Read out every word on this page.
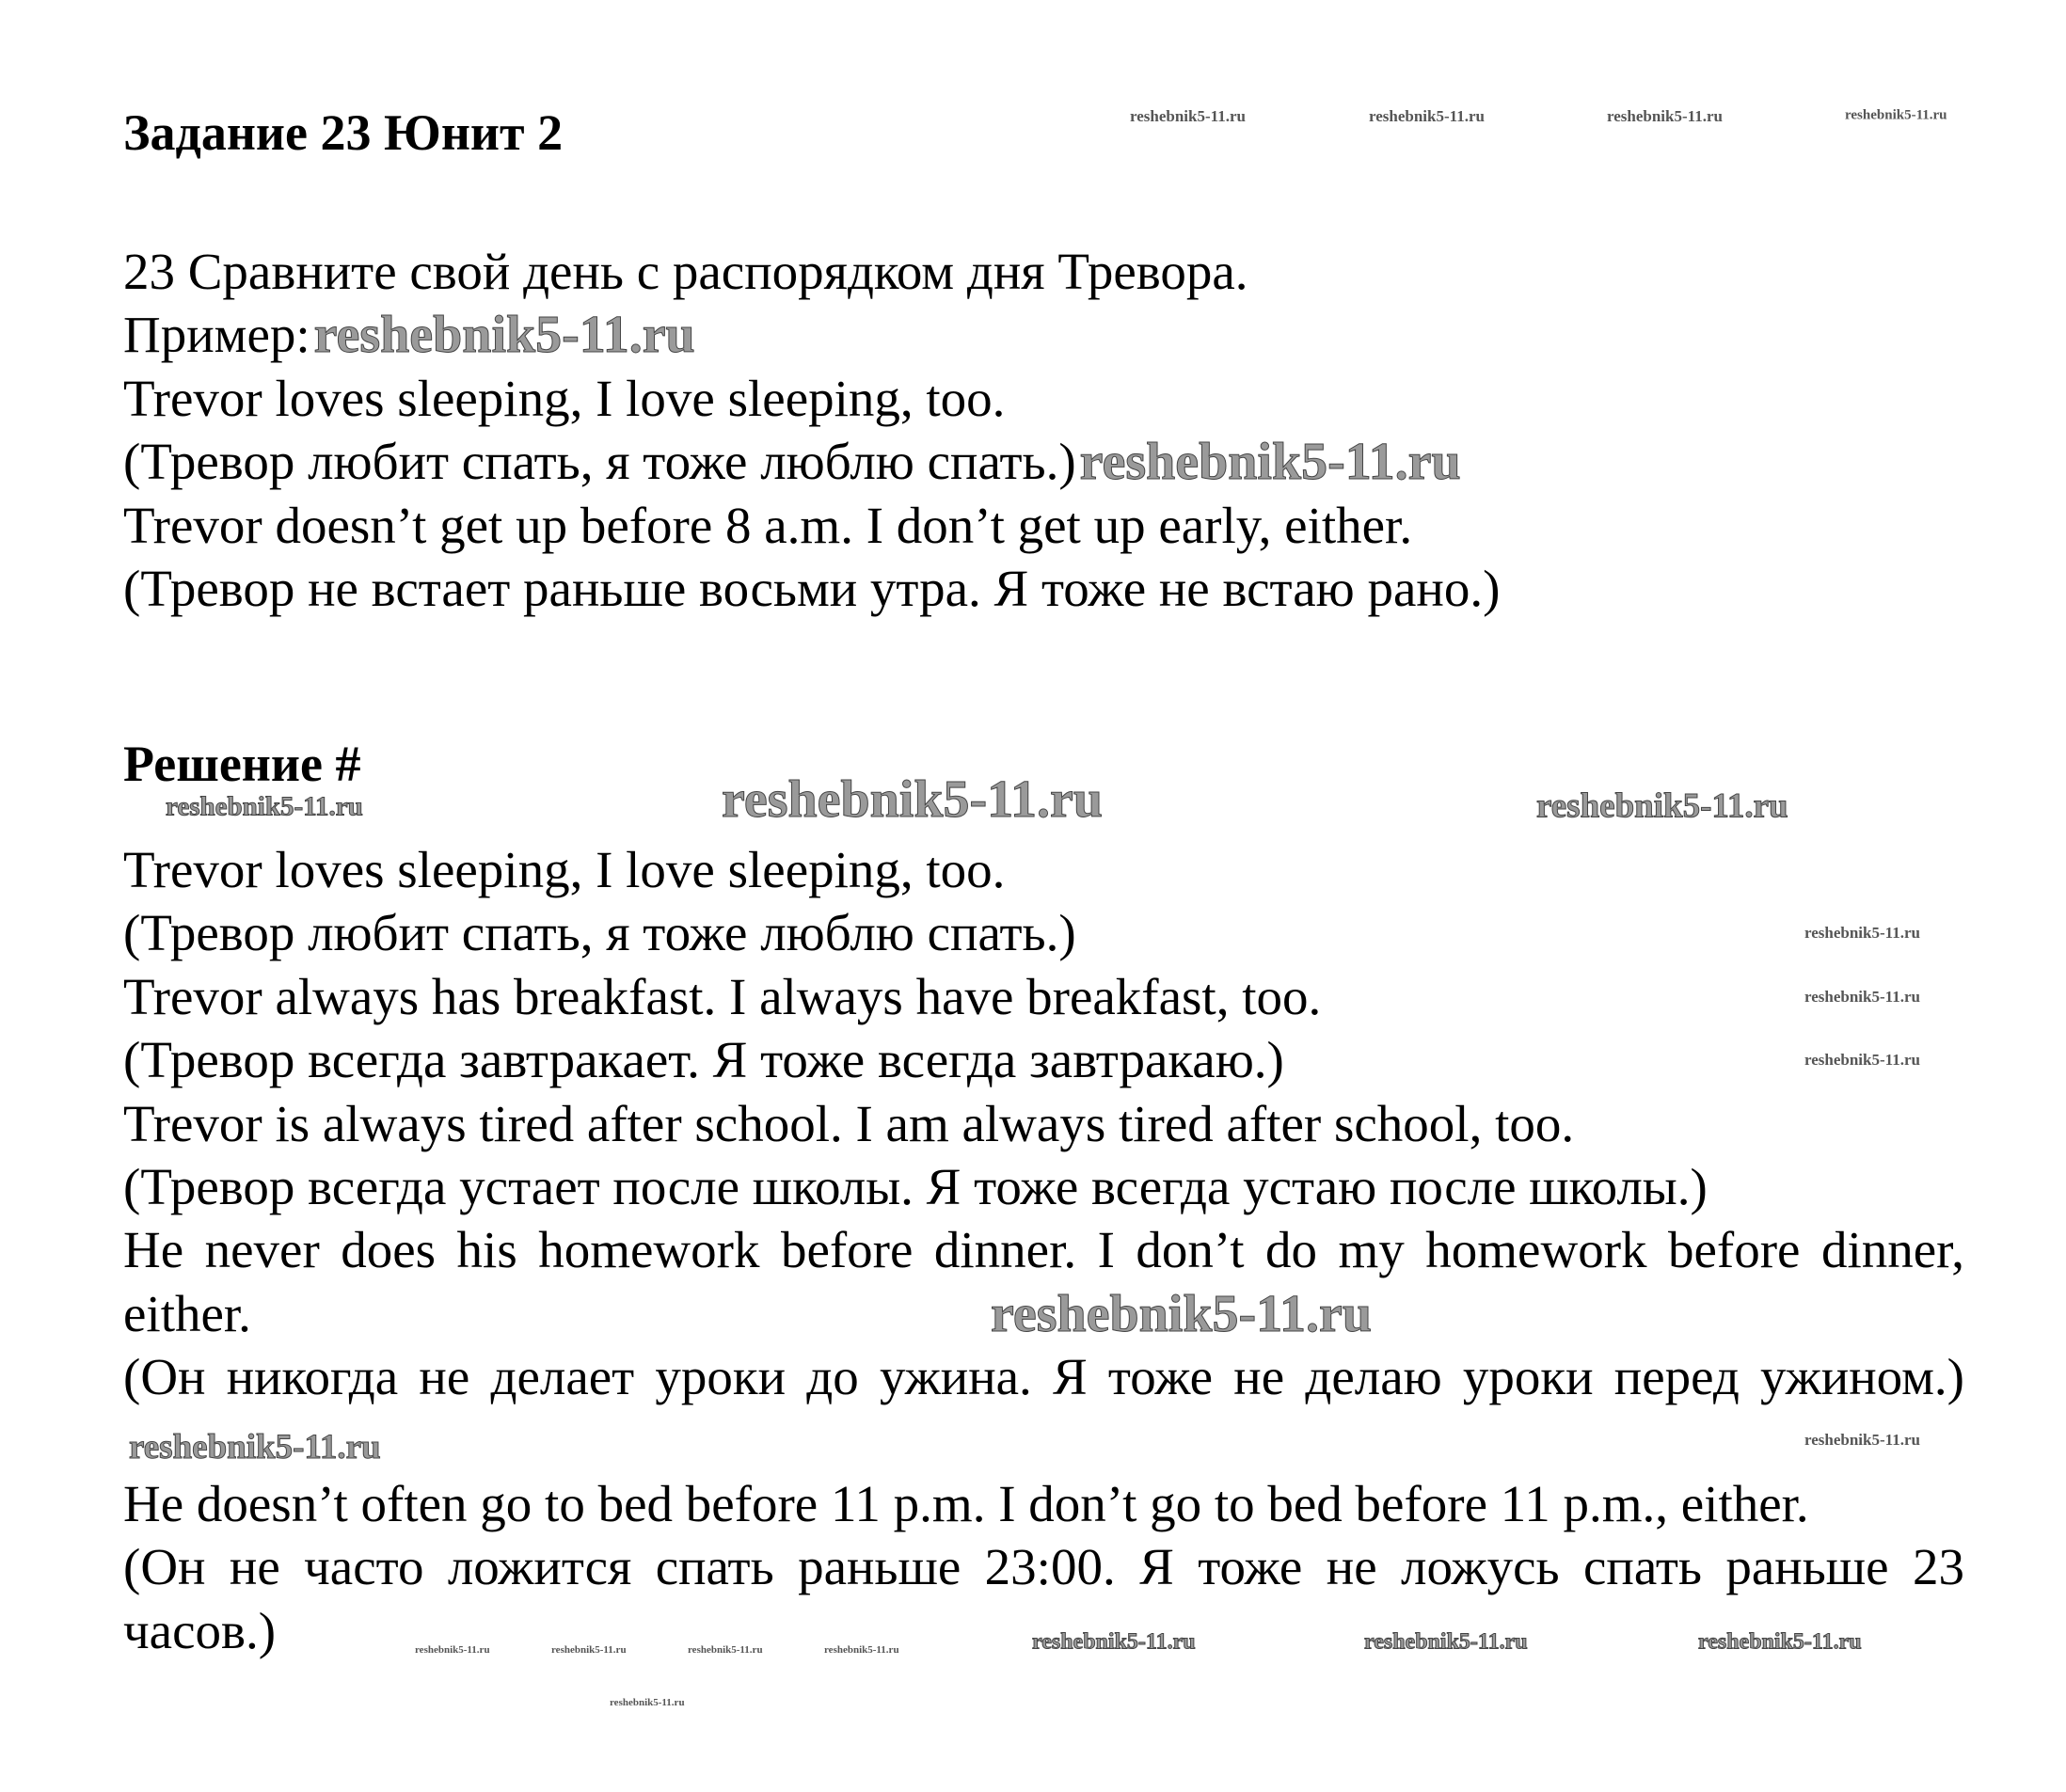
Задание 23 Юнит 2
23 Сравните свой день с распорядком дня Тревора.
Пример:reshebnik5-11.ru
Trevor loves sleeping, I love sleeping, too.
(Тревор любит спать, я тоже люблю спать.)reshebnik5-11.ru
Trevor doesn’t get up before 8 a.m. I don’t get up early, either.
(Тревор не встает раньше восьми утра. Я тоже не встаю рано.)
Решение #
Trevor loves sleeping, I love sleeping, too.
(Тревор любит спать, я тоже люблю спать.)
Trevor always has breakfast. I always have breakfast, too.
(Тревор всегда завтракает. Я тоже всегда завтракаю.)
Trevor is always tired after school. I am always tired after school, too.
(Тревор всегда устает после школы. Я тоже всегда устаю после школы.)
He never does his homework before dinner. I don’t do my homework before dinner, either.
(Он никогда не делает уроки до ужина. Я тоже не делаю уроки перед ужином.)reshebnik5-11.ru
He doesn’t often go to bed before 11 p.m. I don’t go to bed before 11 p.m., either.
(Он не часто ложится спать раньше 23:00. Я тоже не ложусь спать раньше 23 часов.)
reshebnik5-11.ru	reshebnik5-11.ru	reshebnik5-11.ru	reshebnik5-11.ru
reshebnik5-11.ru	reshebnik5-11.ru
reshebnik5-11.ru
reshebnik5-11.ru
reshebnik5-11.ru
reshebnik5-11.ru
reshebnik5-11.ru
reshebnik5-11.ru
reshebnik5-11.ru	reshebnik5-11.ru	reshebnik5-11.ru	reshebnik5-11.ru
reshebnik5-11.ru
reshebnik5-11.ru	reshebnik5-11.ru	reshebnik5-11.ru
